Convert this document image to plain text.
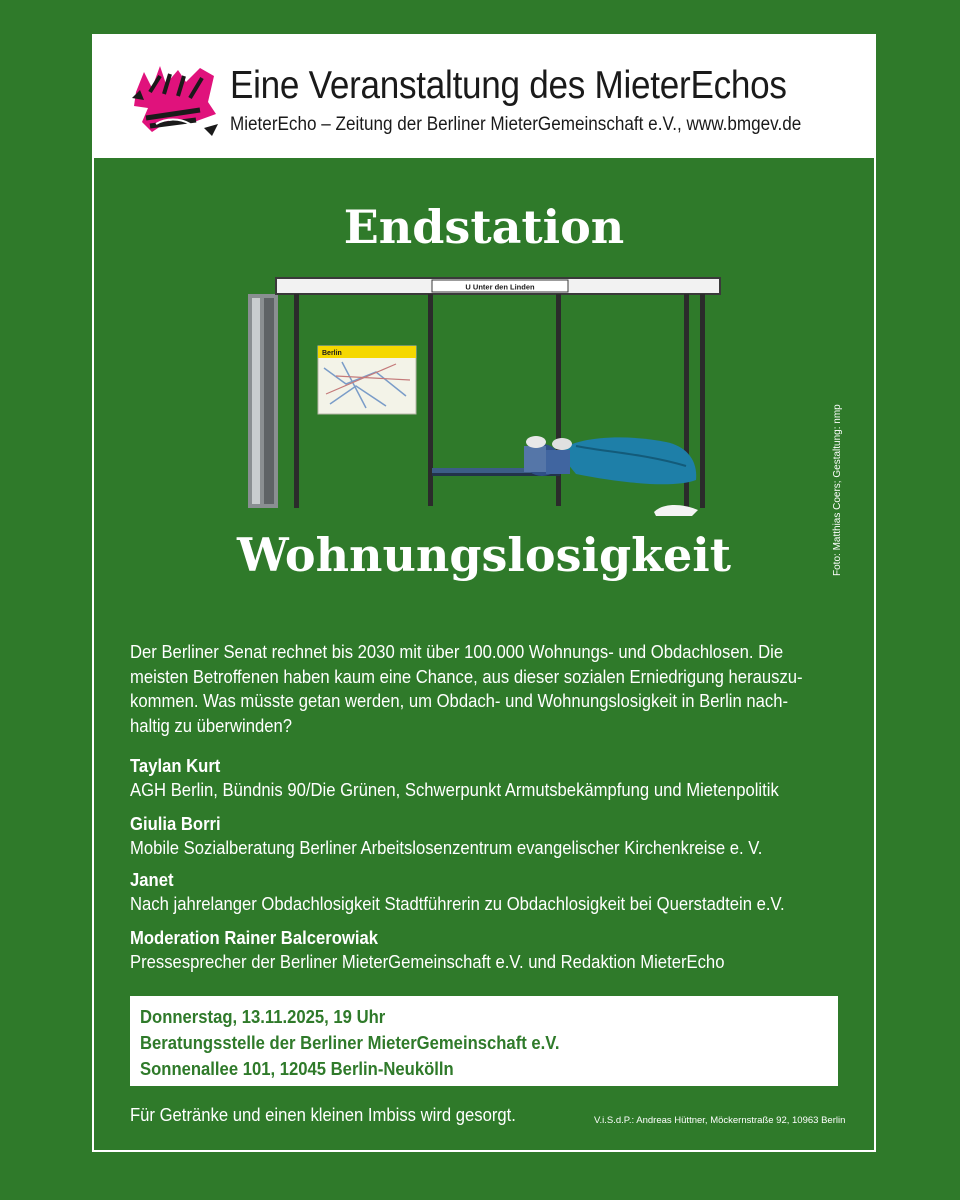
Eine Veranstaltung des MieterEchos
MieterEcho – Zeitung der Berliner MieterGemeinschaft e.V., www.bmgev.de
Endstation
U Unter den Linden
Berlin
Foto: Matthias Coers; Gestaltung: nmp
Wohnungslosigkeit
Der Berliner Senat rechnet bis 2030 mit über 100.000 Wohnungs- und Obdachlosen. Die
meisten Betroffenen haben kaum eine Chance, aus dieser sozialen Erniedrigung herauszu-
kommen. Was müsste getan werden, um Obdach- und Wohnungslosigkeit in Berlin nach-
haltig zu überwinden?
Taylan Kurt
AGH Berlin, Bündnis 90/Die Grünen, Schwerpunkt Armutsbekämpfung und Mietenpolitik
Giulia Borri
Mobile Sozialberatung Berliner Arbeitslosenzentrum evangelischer Kirchenkreise e. V.
Janet
Nach jahrelanger Obdachlosigkeit Stadtführerin zu Obdachlosigkeit bei Querstadtein e.V.
Moderation Rainer Balcerowiak
Pressesprecher der Berliner MieterGemeinschaft e.V. und Redaktion MieterEcho
Donnerstag, 13.11.2025, 19 Uhr
Beratungsstelle der Berliner MieterGemeinschaft e.V.
Sonnenallee 101, 12045 Berlin-Neukölln
Für Getränke und einen kleinen Imbiss wird gesorgt.	V.i.S.d.P.: Andreas Hüttner, Möckernstraße 92, 10963 Berlin
